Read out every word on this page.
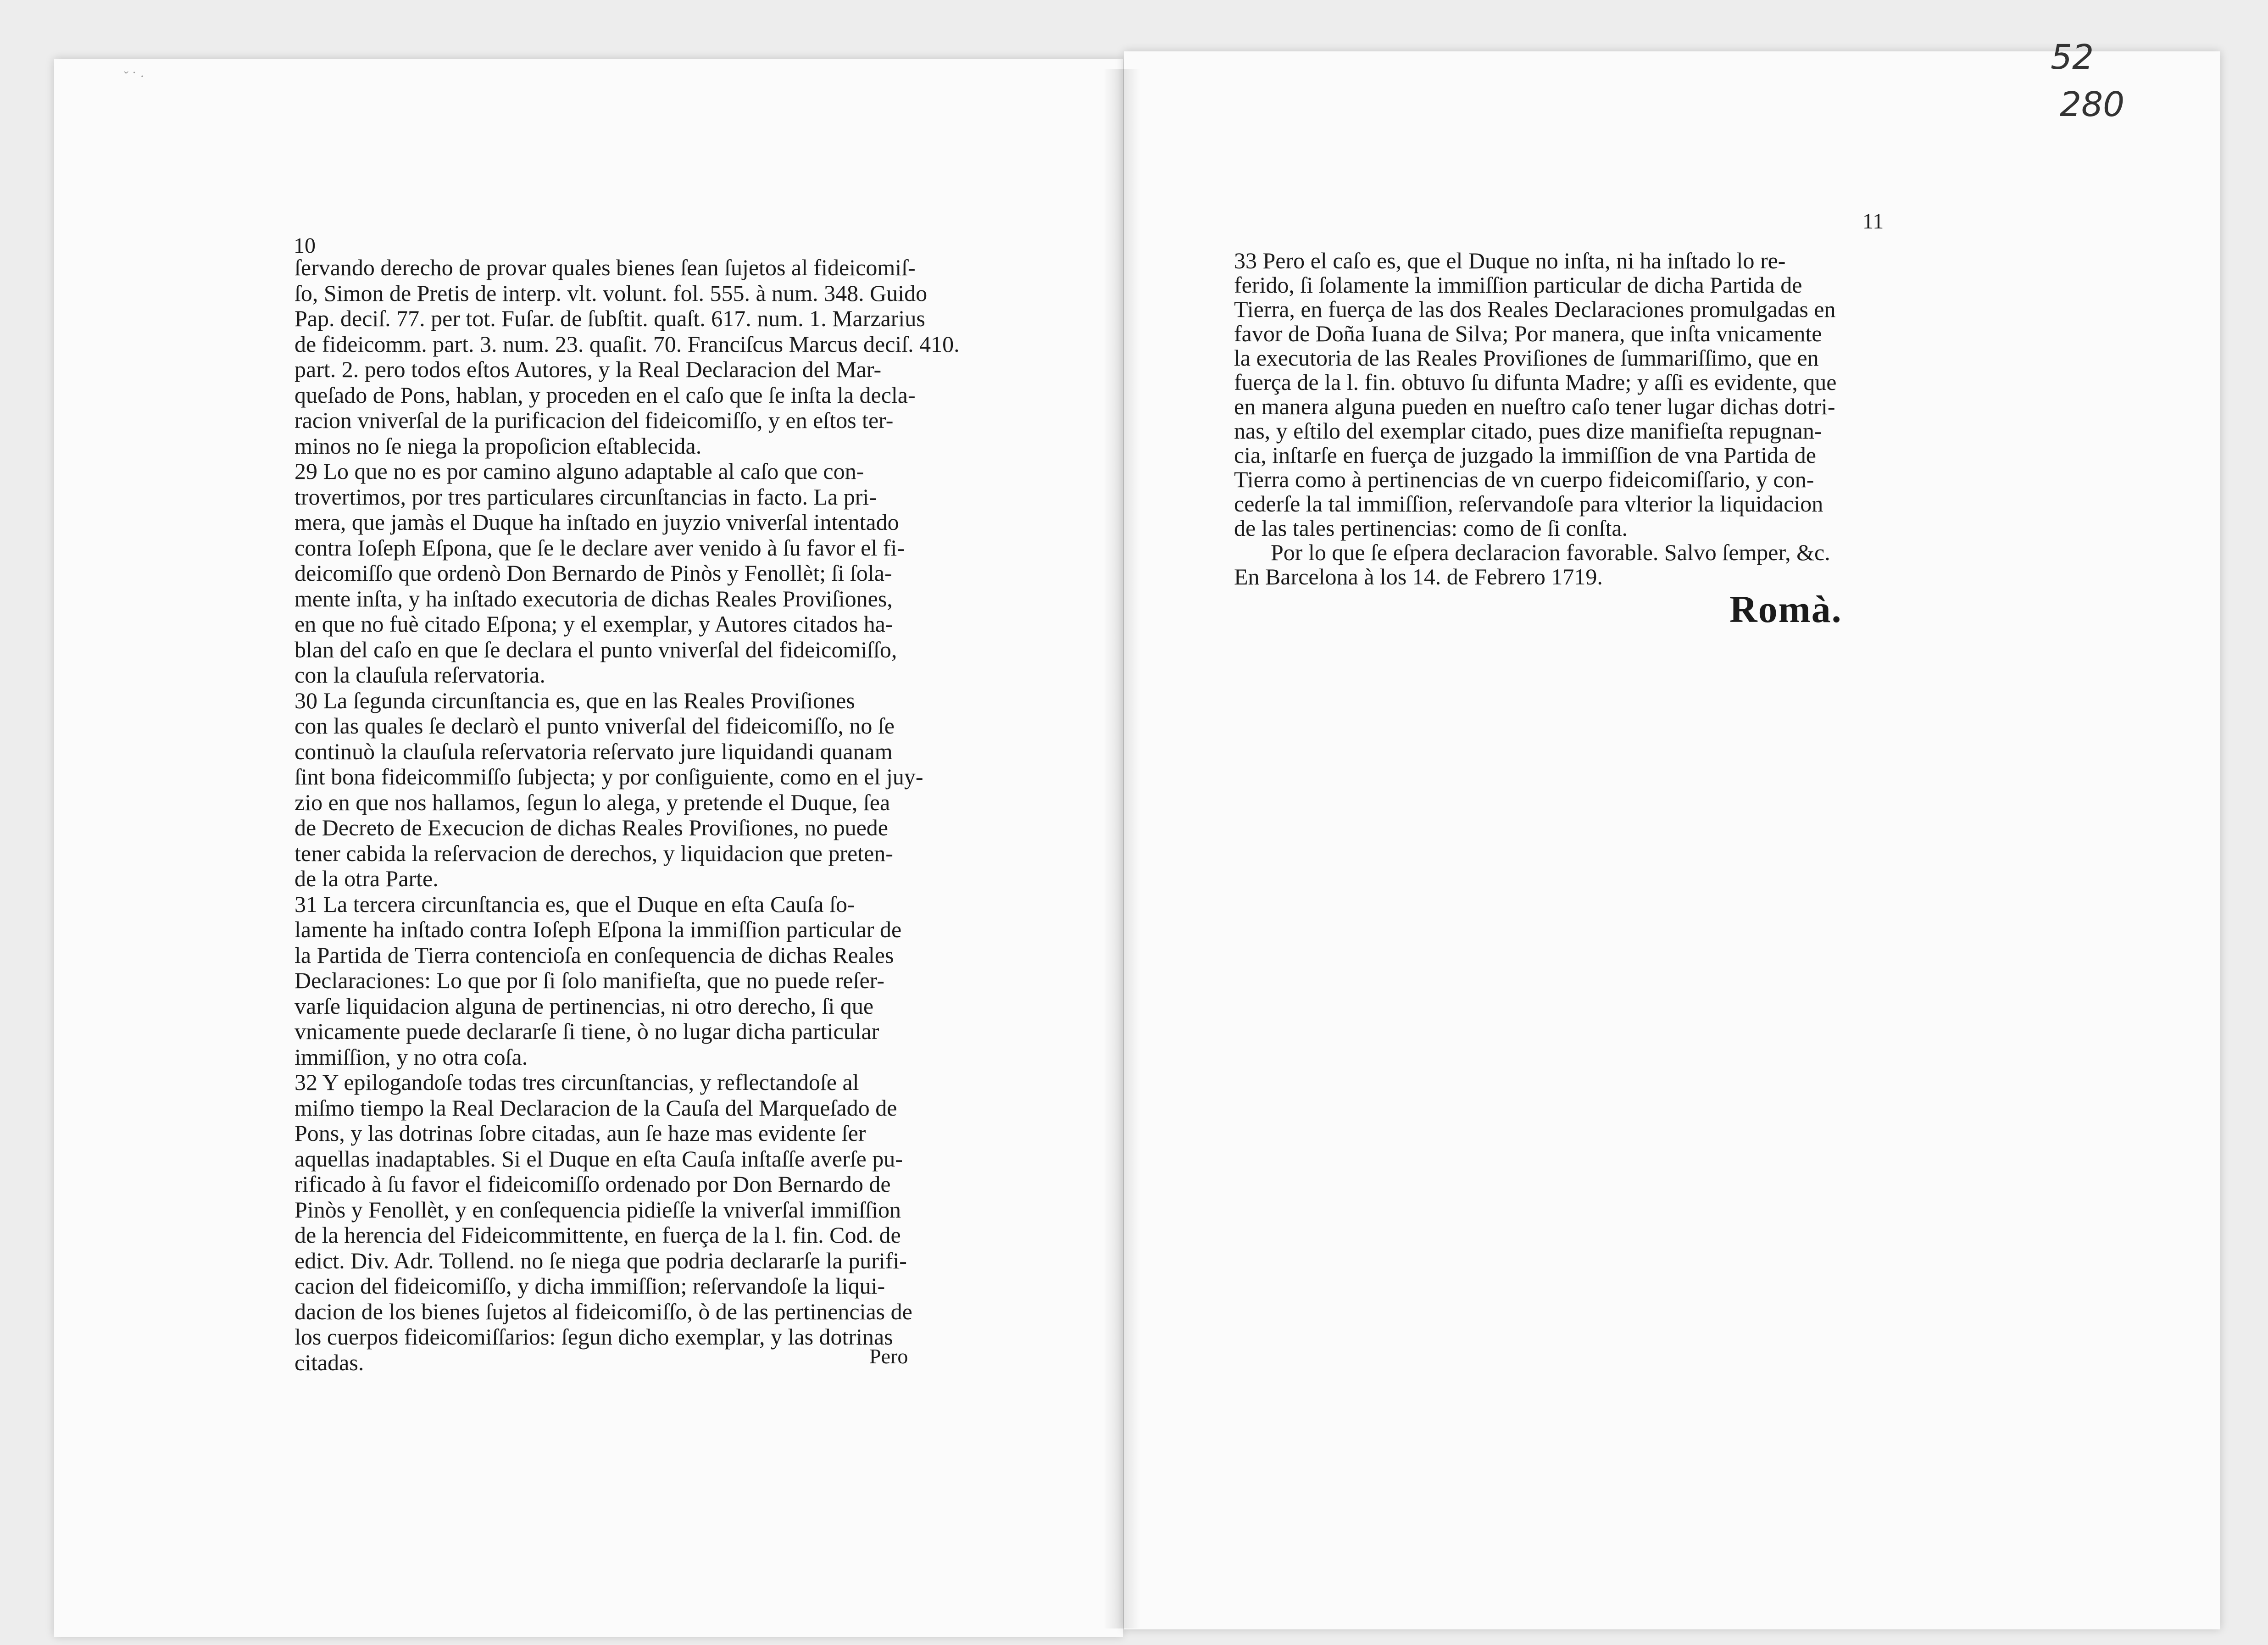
ˇ ˙ ·
10
ſervando derecho de provar quales bienes ſean ſujetos al fideicomiſ-
ſo, Simon de Pretis de interp. vlt. volunt. fol. 555. à num. 348. Guido
Pap. deciſ. 77. per tot. Fuſar. de ſubſtit. quaſt. 617. num. 1. Marzarius
de fideicomm. part. 3. num. 23. quaſit. 70. Franciſcus Marcus deciſ. 410.
part. 2. pero todos eſtos Autores, y la Real Declaracion del Mar-
queſado de Pons, hablan, y proceden en el caſo que ſe inſta la decla-
racion vniverſal de la purificacion del fideicomiſſo, y en eſtos ter-
minos no ſe niega la propoſicion eſtablecida.
29 Lo que no es por camino alguno adaptable al caſo que con-
trovertimos, por tres particulares circunſtancias in facto. La pri-
mera, que jamàs el Duque ha inſtado en juyzio vniverſal intentado
contra Ioſeph Eſpona, que ſe le declare aver venido à ſu favor el fi-
deicomiſſo que ordenò Don Bernardo de Pinòs y Fenollèt; ſi ſola-
mente inſta, y ha inſtado executoria de dichas Reales Proviſiones,
en que no fuè citado Eſpona; y el exemplar, y Autores citados ha-
blan del caſo en que ſe declara el punto vniverſal del fideicomiſſo,
con la clauſula reſervatoria.
30 La ſegunda circunſtancia es, que en las Reales Proviſiones
con las quales ſe declarò el punto vniverſal del fideicomiſſo, no ſe
continuò la clauſula reſervatoria reſervato jure liquidandi quanam
ſint bona fideicommiſſo ſubjecta; y por conſiguiente, como en el juy-
zio en que nos hallamos, ſegun lo alega, y pretende el Duque, ſea
de Decreto de Execucion de dichas Reales Proviſiones, no puede
tener cabida la reſervacion de derechos, y liquidacion que preten-
de la otra Parte.
31 La tercera circunſtancia es, que el Duque en eſta Cauſa ſo-
lamente ha inſtado contra Ioſeph Eſpona la immiſſion particular de
la Partida de Tierra contencioſa en conſequencia de dichas Reales
Declaraciones: Lo que por ſi ſolo manifieſta, que no puede reſer-
varſe liquidacion alguna de pertinencias, ni otro derecho, ſi que
vnicamente puede declararſe ſi tiene, ò no lugar dicha particular
immiſſion, y no otra coſa.
32 Y epilogandoſe todas tres circunſtancias, y reflectandoſe al
miſmo tiempo la Real Declaracion de la Cauſa del Marqueſado de
Pons, y las dotrinas ſobre citadas, aun ſe haze mas evidente ſer
aquellas inadaptables. Si el Duque en eſta Cauſa inſtaſſe averſe pu-
rificado à ſu favor el fideicomiſſo ordenado por Don Bernardo de
Pinòs y Fenollèt, y en conſequencia pidieſſe la vniverſal immiſſion
de la herencia del Fideicommittente, en fuerça de la l. fin. Cod. de
edict. Div. Adr. Tollend. no ſe niega que podria declararſe la purifi-
cacion del fideicomiſſo, y dicha immiſſion; reſervandoſe la liqui-
dacion de los bienes ſujetos al fideicomiſſo, ò de las pertinencias de
los cuerpos fideicomiſſarios: ſegun dicho exemplar, y las dotrinas
citadas.	Pero
11
33 Pero el caſo es, que el Duque no inſta, ni ha inſtado lo re-
ferido, ſi ſolamente la immiſſion particular de dicha Partida de
Tierra, en fuerça de las dos Reales Declaraciones promulgadas en
favor de Doña Iuana de Silva; Por manera, que inſta vnicamente
la executoria de las Reales Proviſiones de ſummariſſimo, que en
fuerça de la l. fin. obtuvo ſu difunta Madre; y aſſi es evidente, que
en manera alguna pueden en nueſtro caſo tener lugar dichas dotri-
nas, y eſtilo del exemplar citado, pues dize manifieſta repugnan-
cia, inſtarſe en fuerça de juzgado la immiſſion de vna Partida de
Tierra como à pertinencias de vn cuerpo fideicomiſſario, y con-
cederſe la tal immiſſion, reſervandoſe para vlterior la liquidacion
de las tales pertinencias: como de ſi conſta.
Por lo que ſe eſpera declaracion favorable. Salvo ſemper, &c.
En Barcelona à los 14. de Febrero 1719.
Romà.
52
280
